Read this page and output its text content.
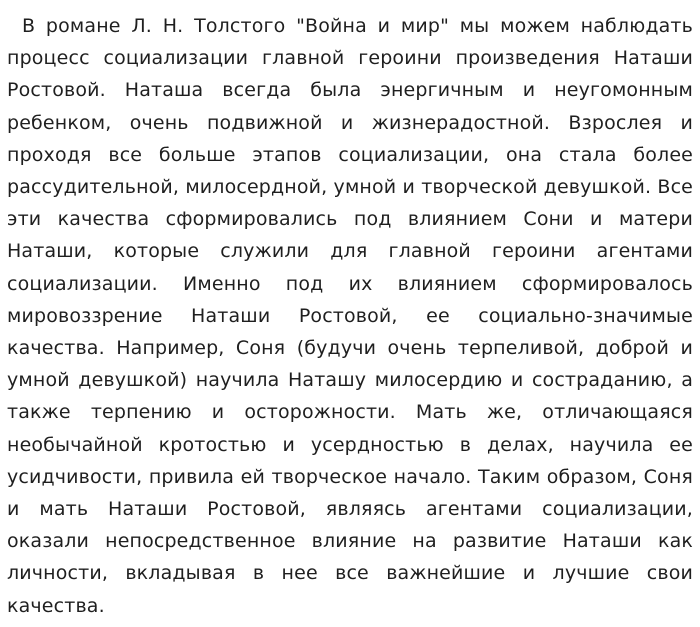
В романе Л. Н. Толстого "Война и мир" мы можем наблюдать процесс социализации главной героини произведения Наташи Ростовой. Наташа всегда была энергичным и неугомонным ребенком, очень подвижной и жизнерадостной. Взрослея и проходя все больше этапов социализации, она стала более рассудительной, милосердной, умной и творческой девушкой. Все эти качества сформировались под влиянием Сони и матери Наташи, которые служили для главной героини агентами социализации. Именно под их влиянием сформировалось мировоззрение Наташи Ростовой, ее социально-значимые качества. Например, Соня (будучи очень терпеливой, доброй и умной девушкой) научила Наташу милосердию и состраданию, а также терпению и осторожности. Мать же, отличающаяся необычайной кротостью и усердностью в делах, научила ее усидчивости, привила ей творческое начало. Таким образом, Соня и мать Наташи Ростовой, являясь агентами социализации, оказали непосредственное влияние на развитие Наташи как личности, вкладывая в нее все важнейшие и лучшие свои качества.
